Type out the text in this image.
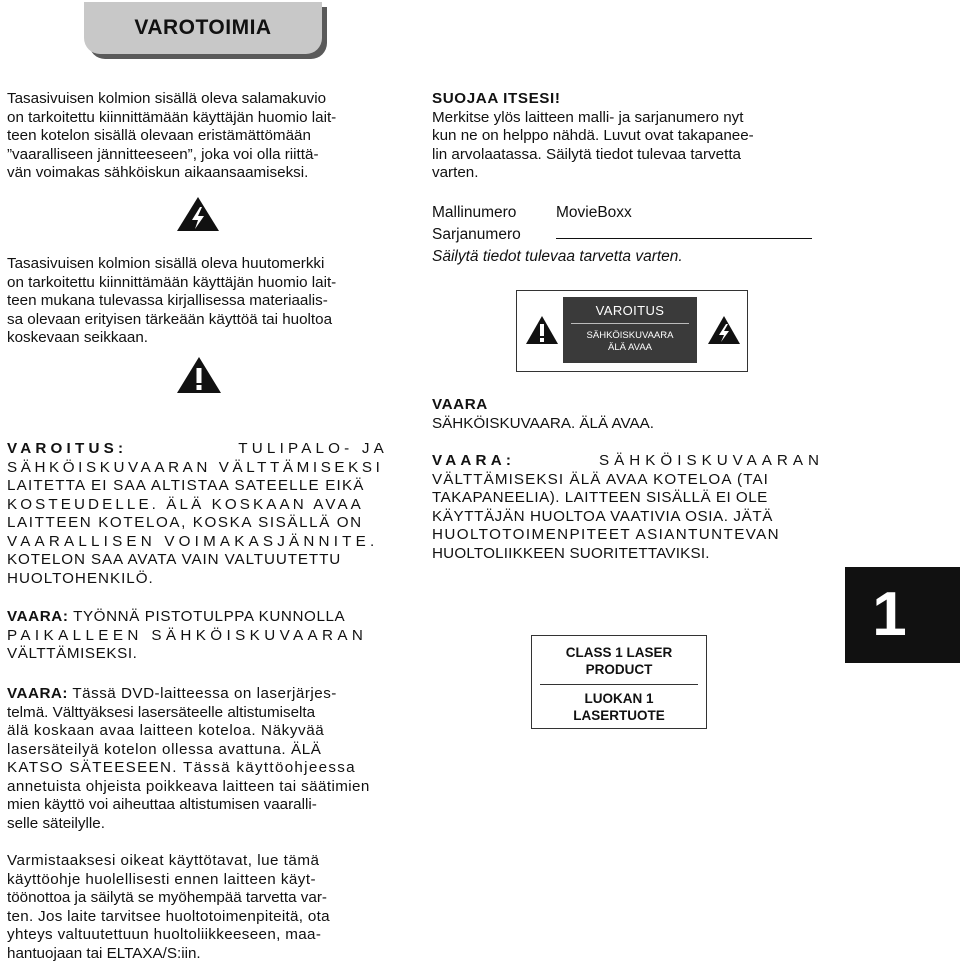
VAROTOIMIA
Tasasivuisen kolmion sisällä oleva salamakuvio
on tarkoitettu kiinnittämään käyttäjän huomio lait-
teen kotelon sisällä olevaan eristämättömään
”vaaralliseen jännitteeseen”, joka voi olla riittä-
vän voimakas sähköiskun aikaansaamiseksi.
Tasasivuisen kolmion sisällä oleva huutomerkki
on tarkoitettu kiinnittämään käyttäjän huomio lait-
teen mukana tulevassa kirjallisessa materiaalis-
sa olevaan erityisen tärkeään käyttöä tai huoltoa
koskevaan seikkaan.
VAROITUS:	TULIPALO- JA
SÄHKÖISKUVAARAN VÄLTTÄMISEKSI
LAITETTA EI SAA ALTISTAA SATEELLE EIKÄ
KOSTEUDELLE. ÄLÄ KOSKAAN AVAA
LAITTEEN KOTELOA, KOSKA SISÄLLÄ ON
VAARALLISEN VOIMAKASJÄNNITE.
KOTELON SAA AVATA VAIN VALTUUTETTU
HUOLTOHENKILÖ.
VAARA: TYÖNNÄ PISTOTULPPA KUNNOLLA
PAIKALLEEN SÄHKÖISKUVAARAN
VÄLTTÄMISEKSI.
VAARA: Tässä DVD-laitteessa on laserjärjes-
telmä. Välttyäksesi lasersäteelle altistumiselta
älä koskaan avaa laitteen koteloa. Näkyvää
lasersäteilyä kotelon ollessa avattuna. ÄLÄ
KATSO SÄTEESEEN. Tässä käyttöohjeessa
annetuista ohjeista poikkeava laitteen tai säätimien
mien käyttö voi aiheuttaa altistumisen vaaralli-
selle säteilylle.
Varmistaaksesi oikeat käyttötavat, lue tämä
käyttöohje huolellisesti ennen laitteen käyt-
töönottoa ja säilytä se myöhempää tarvetta var-
ten. Jos laite tarvitsee huoltotoimenpiteitä, ota
yhteys valtuutettuun huoltoliikkeeseen, maa-
hantuojaan tai ELTAXA/S:iin.
SUOJAA ITSESI!
Merkitse ylös laitteen malli- ja sarjanumero nyt
kun ne on helppo nähdä. Luvut ovat takapanee-
lin arvolaatassa. Säilytä tiedot tulevaa tarvetta
varten.
Mallinumero	MovieBoxx
Sarjanumero
Säilytä tiedot tulevaa tarvetta varten.
VAROITUS
SÄHKÖISKUVAARA
ÄLÄ AVAA
VAARA
SÄHKÖISKUVAARA. ÄLÄ AVAA.
VAARA:	SÄHKÖISKUVAARAN
VÄLTTÄMISEKSI ÄLÄ AVAA KOTELOA (TAI
TAKAPANEELIA). LAITTEEN SISÄLLÄ EI OLE
KÄYTTÄJÄN HUOLTOA VAATIVIA OSIA. JÄTÄ
HUOLTOTOIMENPITEET ASIANTUNTEVAN
HUOLTOLIIKKEEN SUORITETTAVIKSI.
CLASS 1 LASER
PRODUCT
LUOKAN 1
LASERTUOTE
1
